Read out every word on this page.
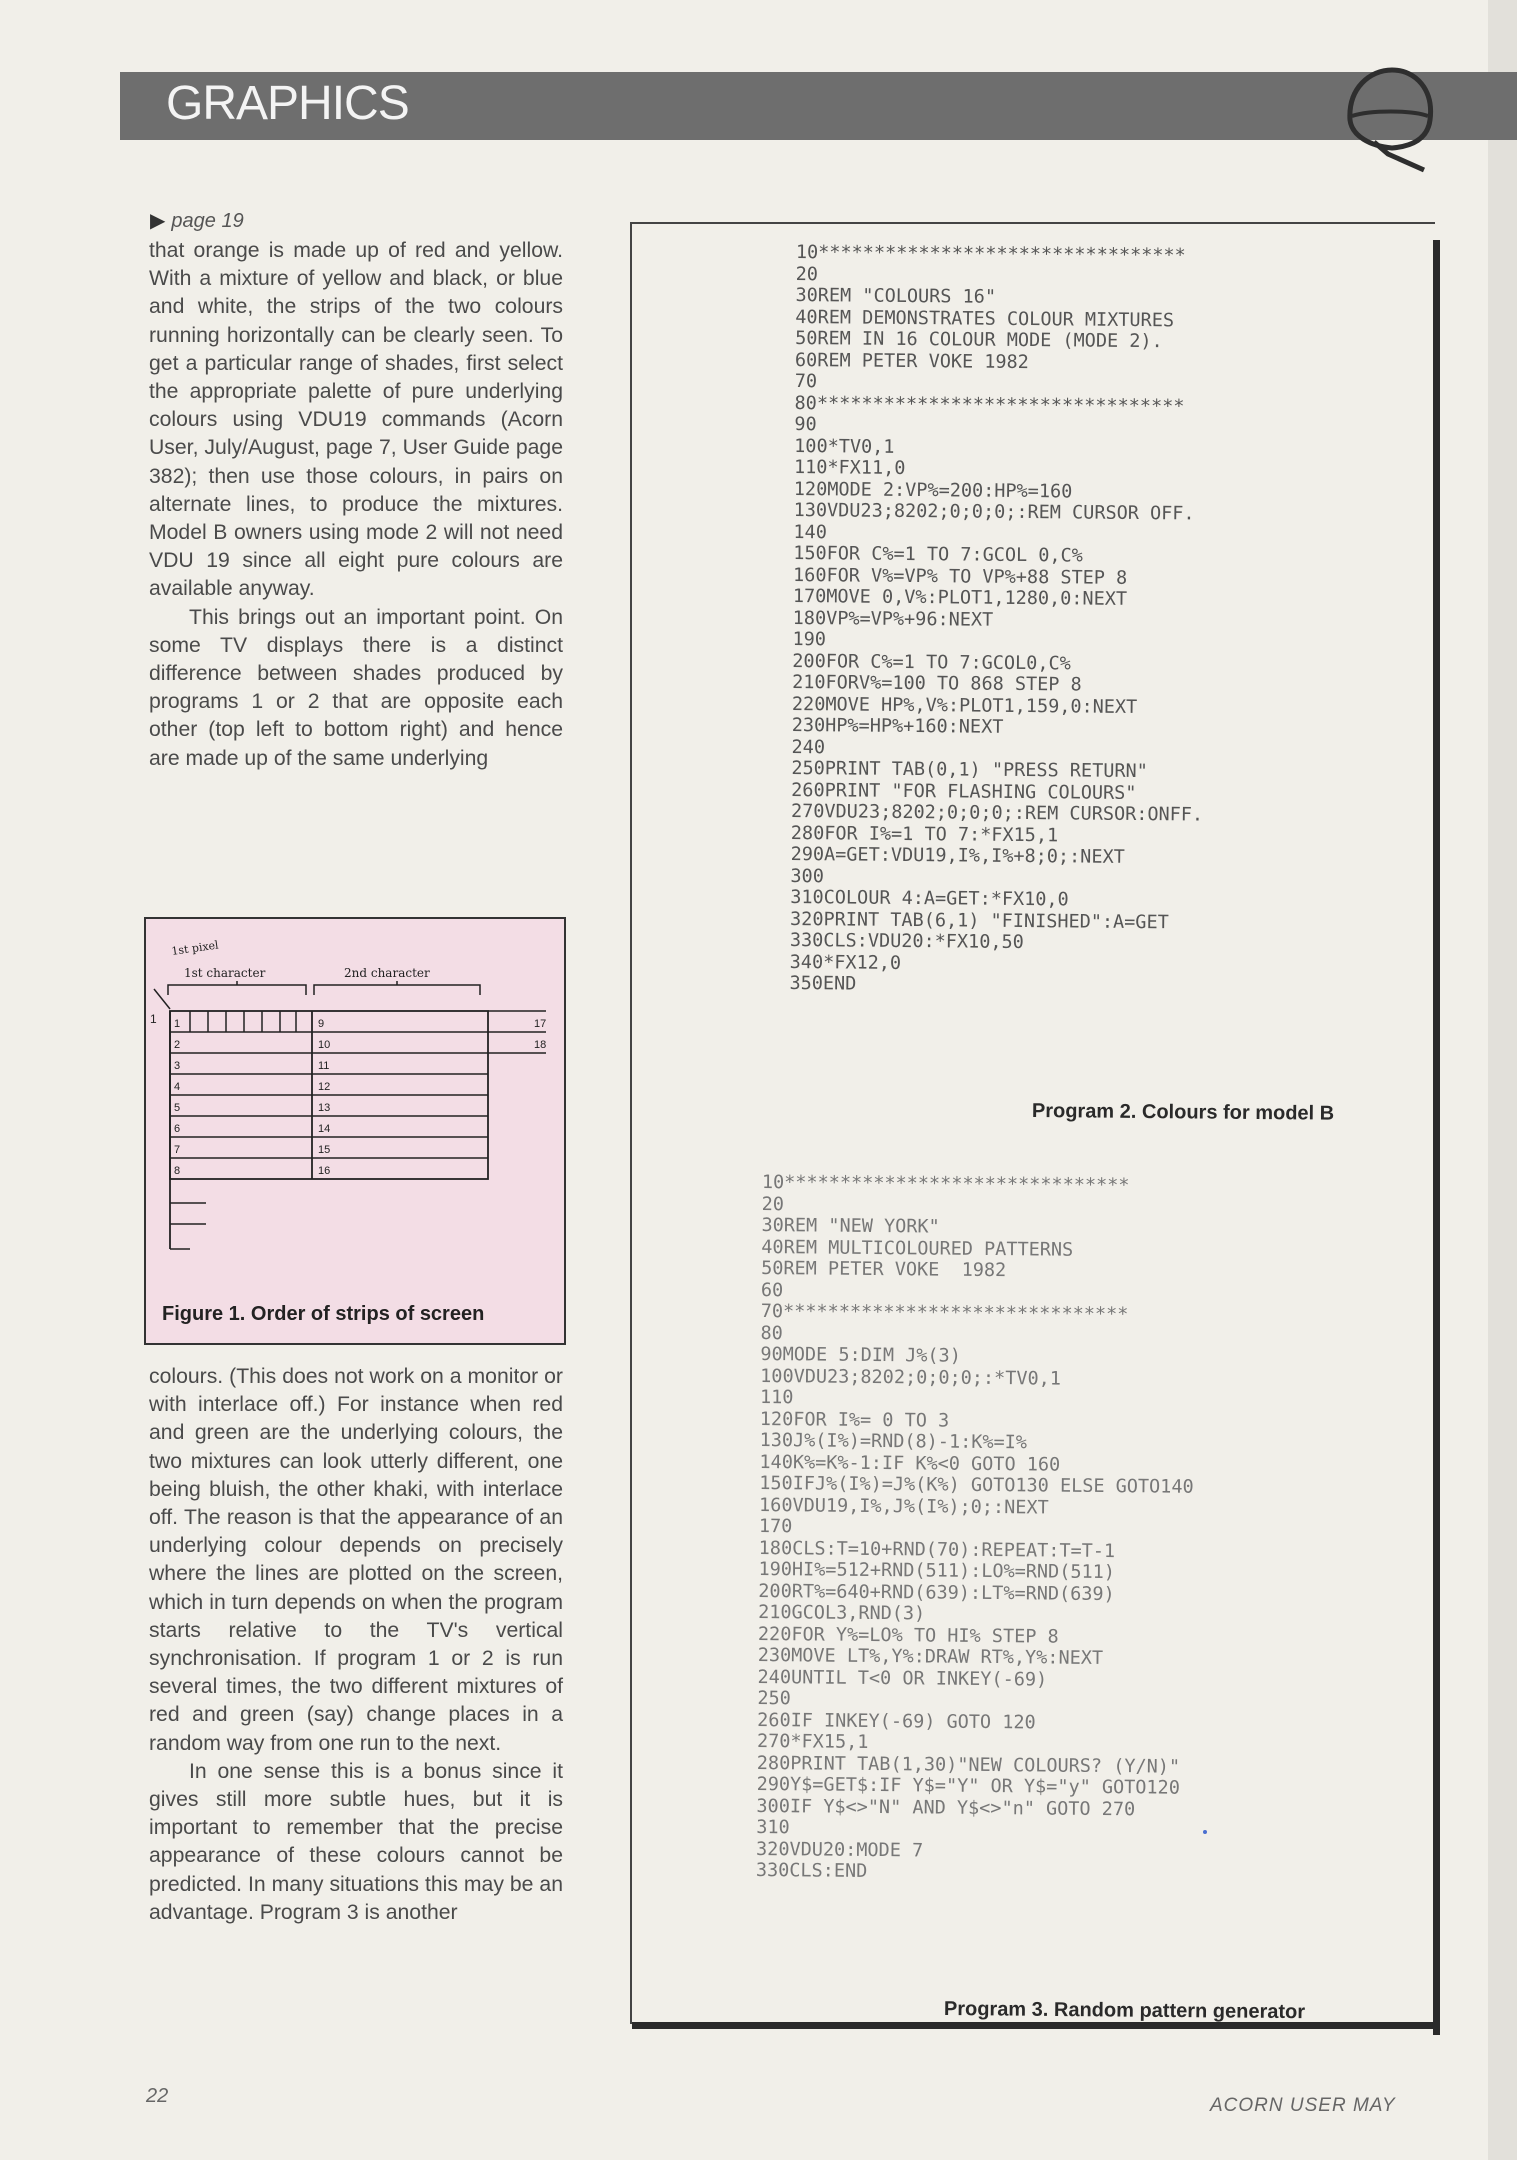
GRAPHICS
▶ page 19

that orange is made up of red and yellow. With a mixture of yellow and black, or blue and white, the strips of the two colours running horizontally can be clearly seen. To get a particular range of shades, first select the appropriate palette of pure underlying colours using VDU19 commands (Acorn User, July/August, page 7, User Guide page 382); then use those colours, in pairs on alternate lines, to produce the mixtures. Model B owners using mode 2 will not need VDU 19 since all eight pure colours are available anyway.

This brings out an important point. On some TV displays there is a distinct difference between shades produced by programs 1 or 2 that are opposite each other (top left to bottom right) and hence are made up of the same underlying

1st pixel
1st character	2nd character
1 1
2
3
4
5
6
7
8
9
10
11
12
13
14
15
16
17
18
Figure 1. Order of strips of screen

colours. (This does not work on a monitor or with interlace off.) For instance when red and green are the underlying colours, the two mixtures can look utterly different, one being bluish, the other khaki, with interlace off. The reason is that the appearance of an underlying colour depends on precisely where the lines are plotted on the screen, which in turn depends on when the program starts relative to the TV's vertical synchronisation. If program 1 or 2 is run several times, the two different mixtures of red and green (say) change places in a random way from one run to the next.

In one sense this is a bonus since it gives still more subtle hues, but it is important to remember that the precise appearance of these colours cannot be predicted. In many situations this may be an advantage. Program 3 is another

10*********************************
20
30REM "COLOURS 16"
40REM DEMONSTRATES COLOUR MIXTURES
50REM IN 16 COLOUR MODE (MODE 2).
60REM PETER VOKE 1982
70
80*********************************
90
100*TV0,1
110*FX11,0
120MODE 2:VP%=200:HP%=160
130VDU23;8202;0;0;0;:REM CURSOR OFF.
140
150FOR C%=1 TO 7:GCOL 0,C%
160FOR V%=VP% TO VP%+88 STEP 8
170MOVE 0,V%:PLOT1,1280,0:NEXT
180VP%=VP%+96:NEXT
190
200FOR C%=1 TO 7:GCOL0,C%
210FORV%=100 TO 868 STEP 8
220MOVE HP%,V%:PLOT1,159,0:NEXT
230HP%=HP%+160:NEXT
240
250PRINT TAB(0,1) "PRESS RETURN"
260PRINT "FOR FLASHING COLOURS"
270VDU23;8202;0;0;0;:REM CURSOR:ONFF.
280FOR I%=1 TO 7:*FX15,1
290A=GET:VDU19,I%,I%+8;0;:NEXT
300
310COLOUR 4:A=GET:*FX10,0
320PRINT TAB(6,1) "FINISHED":A=GET
330CLS:VDU20:*FX10,50
340*FX12,0
350END
Program 2. Colours for model B
10*******************************
20
30REM "NEW YORK"
40REM MULTICOLOURED PATTERNS
50REM PETER VOKE  1982
60
70*******************************
80
90MODE 5:DIM J%(3)
100VDU23;8202;0;0;0;:*TV0,1
110
120FOR I%= 0 TO 3
130J%(I%)=RND(8)-1:K%=I%
140K%=K%-1:IF K%<0 GOTO 160
150IFJ%(I%)=J%(K%) GOTO130 ELSE GOTO140
160VDU19,I%,J%(I%);0;:NEXT
170
180CLS:T=10+RND(70):REPEAT:T=T-1
190HI%=512+RND(511):LO%=RND(511)
200RT%=640+RND(639):LT%=RND(639)
210GCOL3,RND(3)
220FOR Y%=LO% TO HI% STEP 8
230MOVE LT%,Y%:DRAW RT%,Y%:NEXT
240UNTIL T<0 OR INKEY(-69)
250
260IF INKEY(-69) GOTO 120
270*FX15,1
280PRINT TAB(1,30)"NEW COLOURS? (Y/N)"
290Y$=GET$:IF Y$="Y" OR Y$="y" GOTO120
300IF Y$<>"N" AND Y$<>"n" GOTO 270
310
320VDU20:MODE 7
330CLS:END
Program 3. Random pattern generator
22	ACORN USER MAY
